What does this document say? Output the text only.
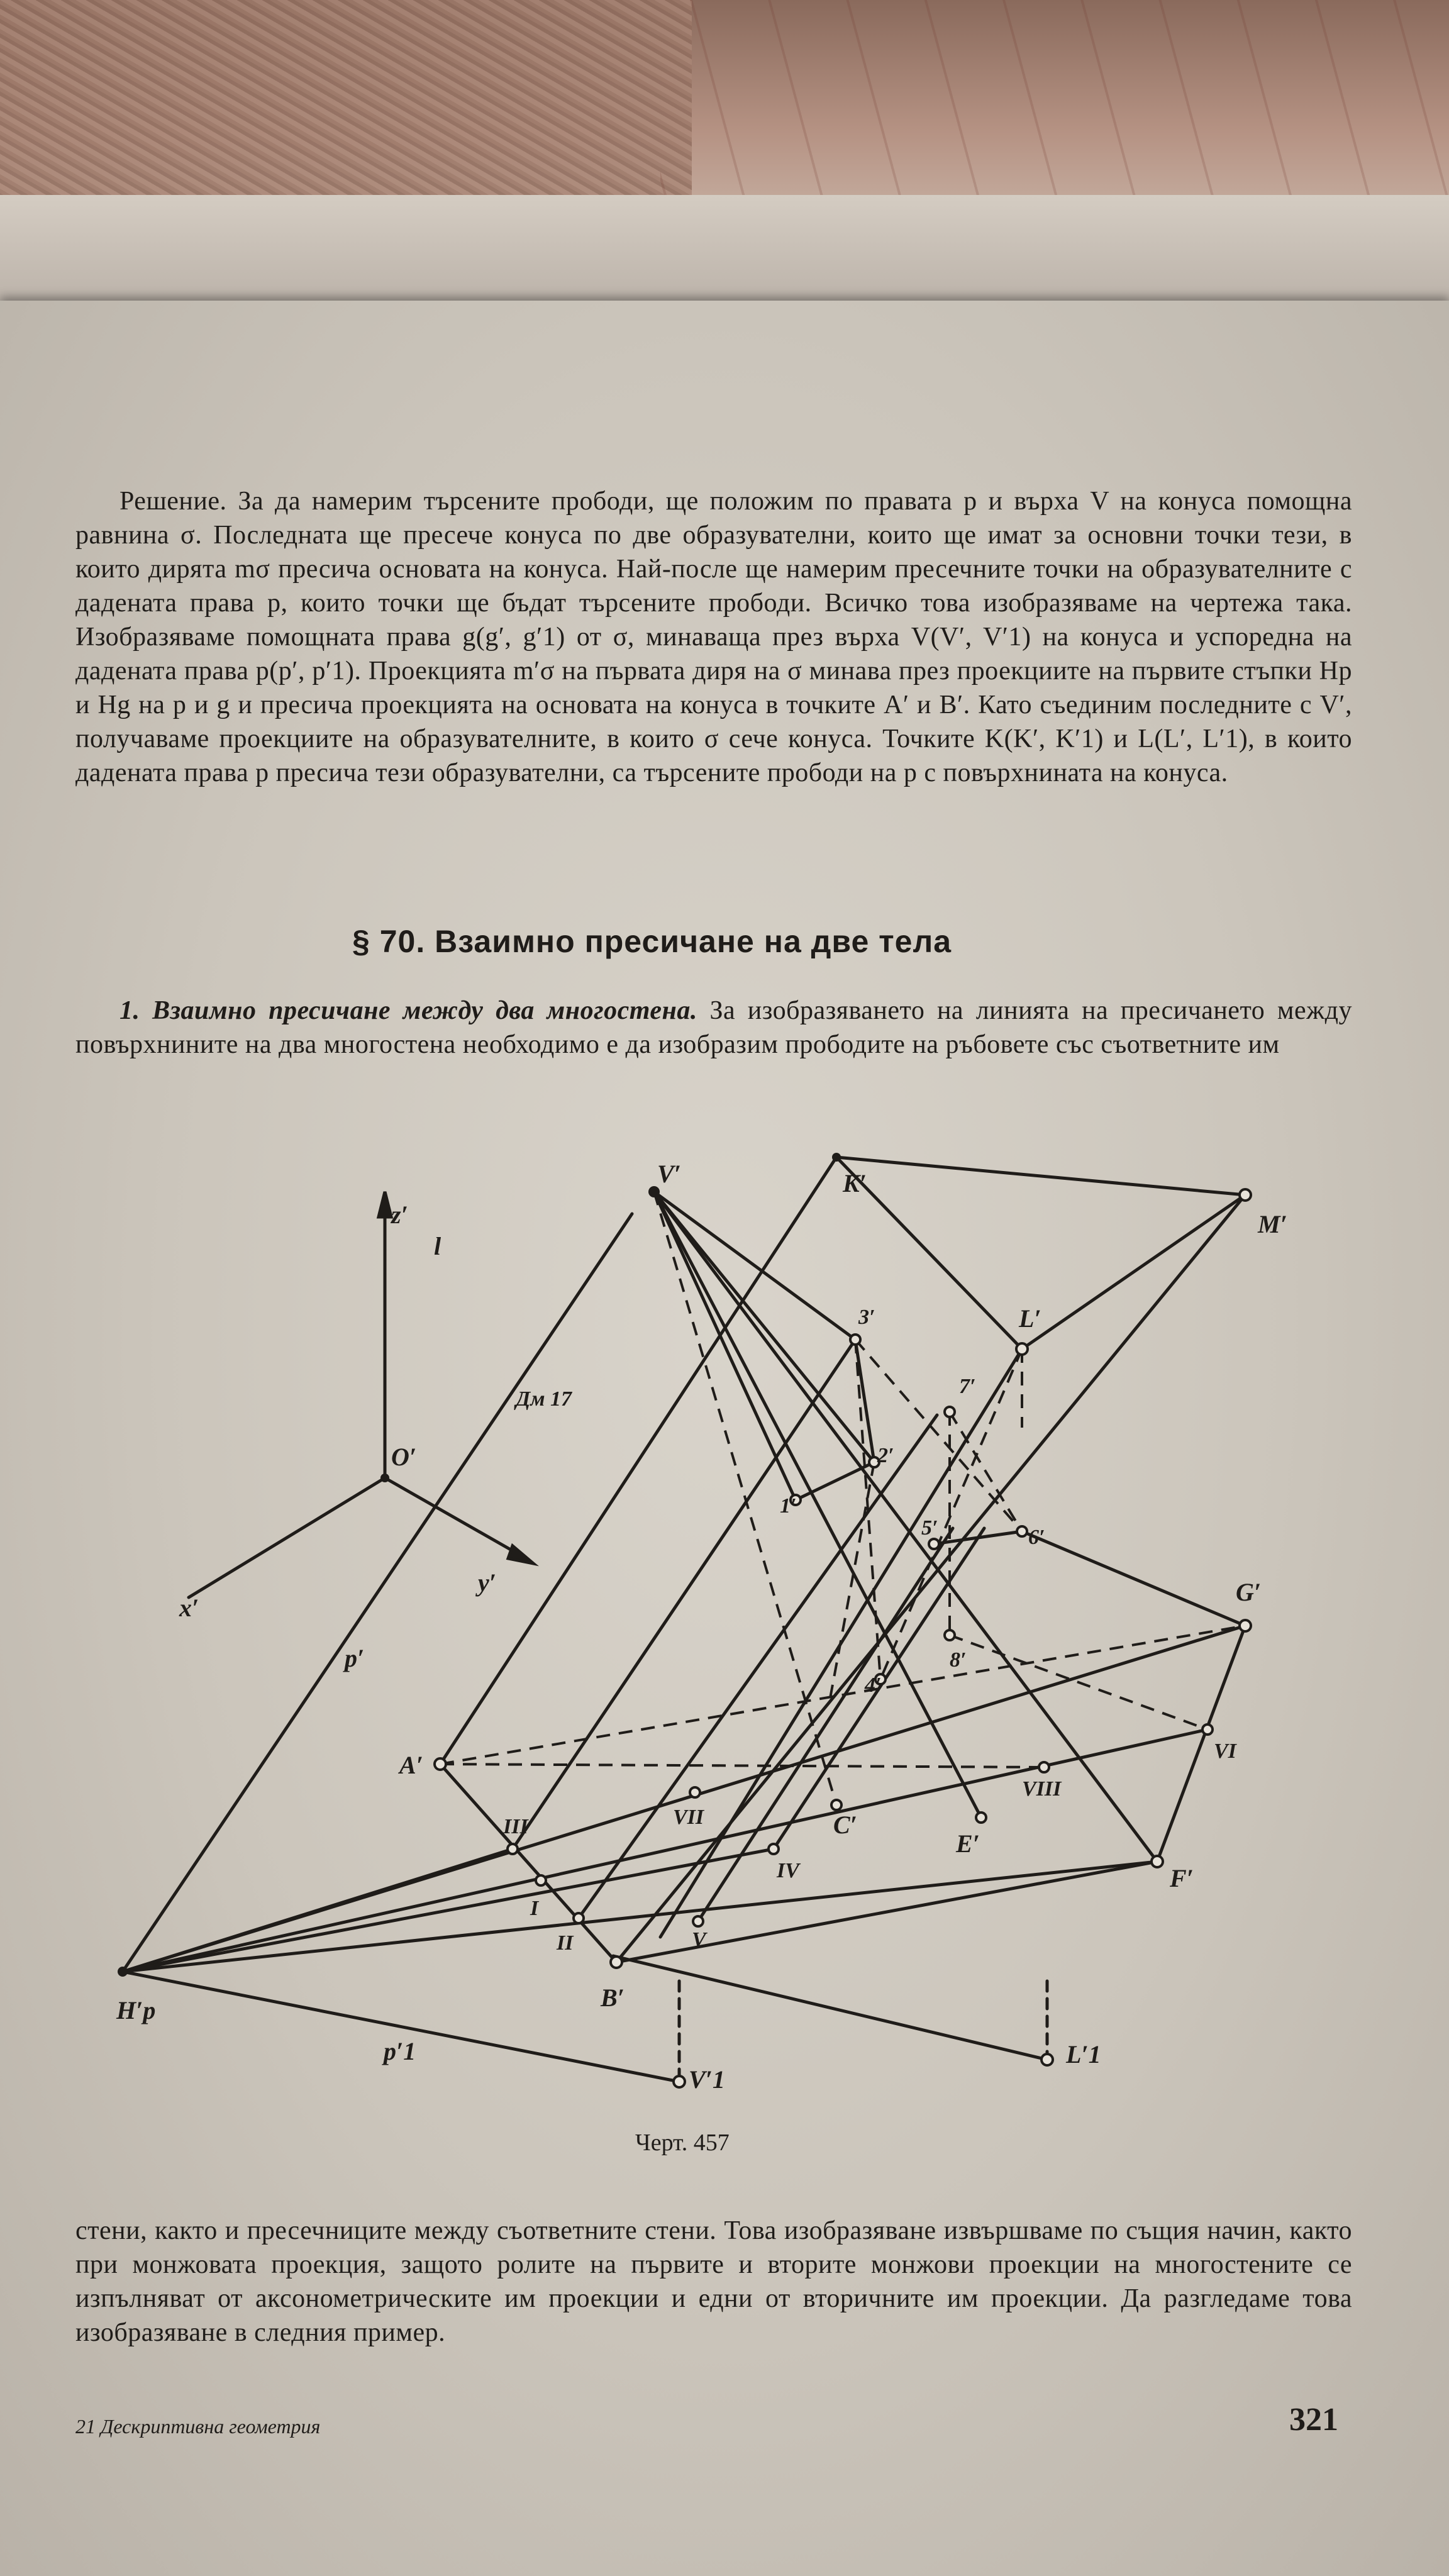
Решение. За да намерим търсените прободи, ще положим по правата p и върха V на конуса помощна равнина σ. Последната ще пресече конуса по две образувателни, които ще имат за основни точки тези, в които дирята mσ пресича основата на конуса. Най-после ще намерим пресечните точки на образувателните с дадената права p, които точки ще бъдат търсените прободи. Всичко това изобразяваме на чертежа така. Изобразяваме помощната права g(g′, g′1) от σ, минаваща през върха V(V′, V′1) на конуса и успоредна на дадената права p(p′, p′1). Проекцията m′σ на първата диря на σ минава през проекциите на първите стъпки Hp и Hg на p и g и пресича проекцията на основата на конуса в точките A′ и B′. Като съединим последните с V′, получаваме проекциите на образувателните, в които σ сече конуса. Точките K(K′, K′1) и L(L′, L′1), в които дадената права p пресича тези образувателни, са търсените прободи на p с повърхнината на конуса.
§ 70. Взаимно пресичане на две тела
1. Взаимно пресичане между два многостена. За изобразяването на линията на пресичането между повърхнините на два многостена необходимо е да изобразим прободите на ръбовете със съответните им
V′	K′
M′
z′
l
O′
x′
y′
p′
Дм 17
A′
B′
C′
E′
F′
G′
L′
L′1
V′1
H′p
p′1
1′
2′
3′
4′
5′	6′
7′
8′
I
II
III
IV
V
VI
VII
VIII
Черт. 457
стени, както и пресечниците между съответните стени. Това изобразяване извършваме по същия начин, както при монжовата проекция, защото ролите на първите и вторите монжови проекции на многостените се изпълняват от аксонометрическите им проекции и едни от вторичните им проекции. Да разгледаме това изобразяване в следния пример.
21 Дескриптивна геометрия	321
